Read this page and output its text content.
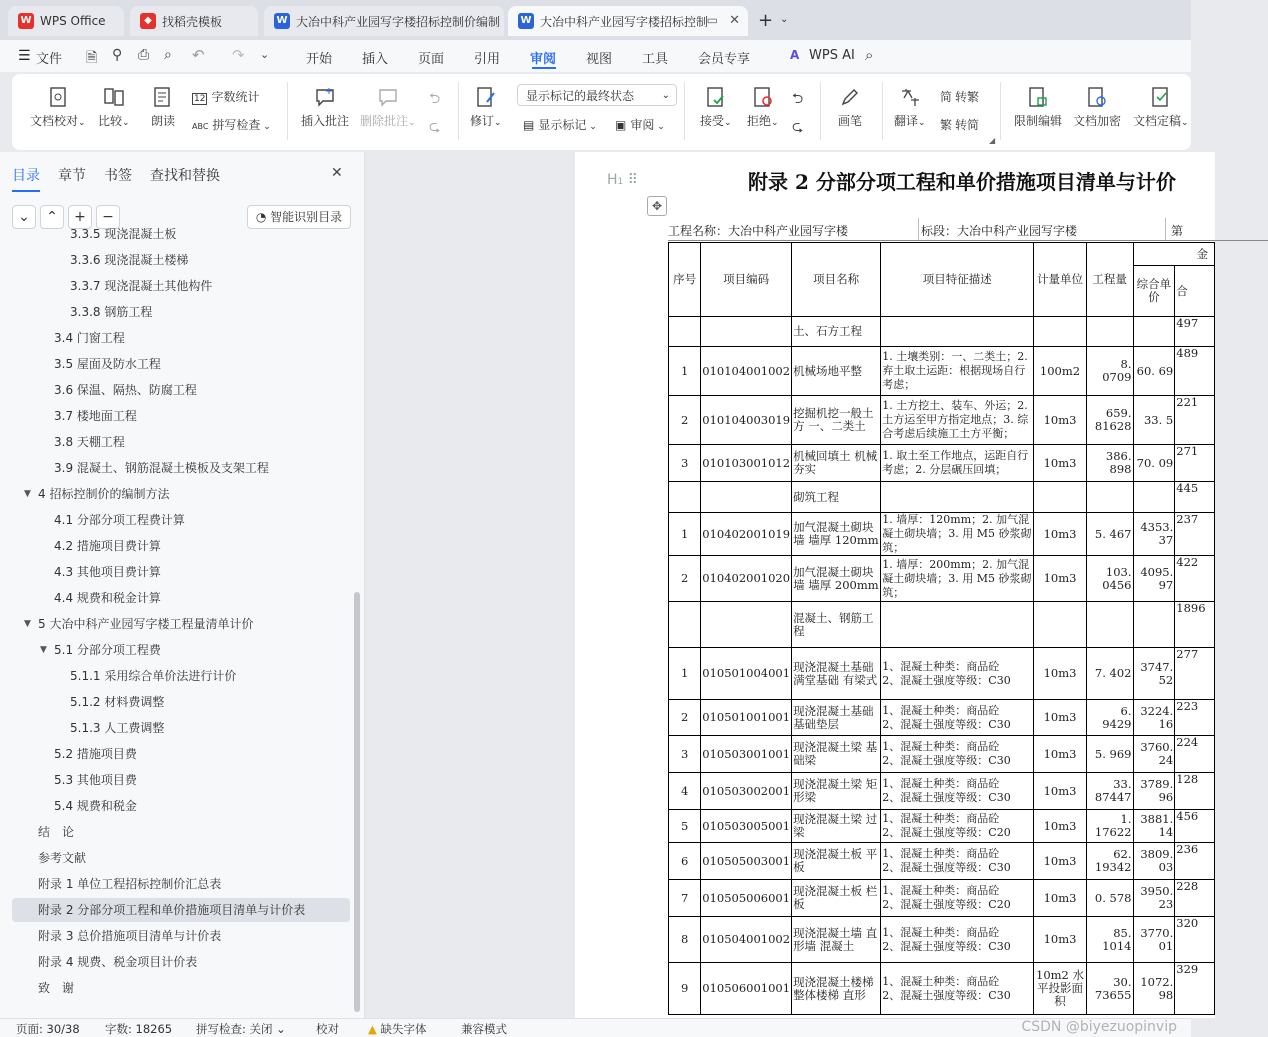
W WPS Office	◆ 找稻壳模板	W 大冶中科产业园写字楼招标控制价编制 W 大冶中科产业园写字楼招标控制
▭ ✕ + ⌄
☰ 文件 🗎 ⚲ ⎙ ⌕ ↶ ↷ ⌄	开始 插入 页面 引用 审阅 视图 工具 会员专享	A WPS AI ⌕
文档校对⌄ 比较⌄ 朗读
12 字数统计
ABC 拼写检查 ⌄	插入批注 删除批注⌄
⮌
⮎ 修订⌄
显示标记的最终状态	⌄
▤ 显示标记 ⌄ ▣ 审阅 ⌄	接受⌄ 拒绝⌄
⮌
⮎	画笔	翻译⌄
简 转繁
繁 转简
◢
限制编辑 文档加密 文档定稿⌄
目录 章节 书签 查找和替换	✕
⌄	⌃	+	−	◔ 智能识别目录
3.3.5 现浇混凝土板
3.3.6 现浇混凝土楼梯
3.3.7 现浇混凝土其他构件
3.3.8 钢筋工程
3.4 门窗工程
3.5 屋面及防水工程
3.6 保温、隔热、防腐工程
3.7 楼地面工程
3.8 天棚工程
3.9 混凝土、钢筋混凝土模板及支架工程
▼ 4 招标控制价的编制方法
4.1 分部分项工程费计算
4.2 措施项目费计算
4.3 其他项目费计算
4.4 规费和税金计算
▼ 5 大冶中科产业园写字楼工程量清单计价
▼ 5.1 分部分项工程费
5.1.1 采用综合单价法进行计价
5.1.2 材料费调整
5.1.3 人工费调整
5.2 措施项目费
5.3 其他项目费
5.4 规费和税金
结　论
参考文献
附录 1 单位工程招标控制价汇总表
附录 2 分部分项工程和单价措施项目清单与计价表
附录 3 总价措施项目清单与计价表
附录 4 规费、税金项目计价表
致　谢
H1 ⠿
✥
附录 2 分部分项工程和单价措施项目清单与计价
工程名称：大冶中科产业园写字楼	标段：大冶中科产业园写字楼	第
序号	项目编码	项目名称	项目特征描述	计量单位	工程量	金	
						综合单价	合
		土、石方工程					497
1	010104001002	机械场地平整	1. 土壤类别：一、二类土；2. 弃土取土运距：根据现场自行考虑；	100m2	8. 0709	60. 69	489
2	010104003019	挖掘机挖一般土方 一、二类土	1. 土方挖土、装车、外运；2. 土方运至甲方指定地点；3. 综合考虑后续施工土方平衡；	10m3	659. 81628	33. 5	221
3	010103001012	机械回填土 机械夯实	1. 取土至工作地点，运距自行考虑；2. 分层碾压回填；	10m3	386. 898	70. 09	271
		砌筑工程					445
1	010402001019	加气混凝土砌块墙 墙厚 120mm	1. 墙厚：120mm；2. 加气混凝土砌块墙；3. 用 M5 砂浆砌筑；	10m3	5. 467	4353. 37	237
2	010402001020	加气混凝土砌块墙 墙厚 200mm	1. 墙厚：200mm；2. 加气混凝土砌块墙；3. 用 M5 砂浆砌筑；	10m3	103. 0456	4095. 97	422
		混凝土、钢筋工程					1896
1	010501004001	现浇混凝土基础 满堂基础 有梁式	1、混凝土种类：商品砼
2、混凝土强度等级：C30	10m3	7. 402	3747. 52	277
2	010501001001	现浇混凝土基础 基础垫层	1、混凝土种类：商品砼
2、混凝土强度等级：C30	10m3	6. 9429	3224. 16	223
3	010503001001	现浇混凝土梁 基础梁	1、混凝土种类：商品砼
2、混凝土强度等级：C30	10m3	5. 969	3760. 24	224
4	010503002001	现浇混凝土梁 矩形梁	1、混凝土种类：商品砼
2、混凝土强度等级：C30	10m3	33. 87447	3789. 96	128
5	010503005001	现浇混凝土梁 过梁	1、混凝土种类：商品砼
2、混凝土强度等级：C20	10m3	1. 17622	3881. 14	456
6	010505003001	现浇混凝土板 平板	1、混凝土种类：商品砼
2、混凝土强度等级：C30	10m3	62. 19342	3809. 03	236
7	010505006001	现浇混凝土板 栏板	1、混凝土种类：商品砼
2、混凝土强度等级：C20	10m3	0. 578	3950. 23	228
8	010504001002	现浇混凝土墙 直形墙 混凝土	1、混凝土种类：商品砼
2、混凝土强度等级：C30	10m3	85. 1014	3770. 01	320
9	010506001001	现浇混凝土楼梯 整体楼梯 直形	1、混凝土种类：商品砼
2、混凝土强度等级：C30	10m2 水平投影面积	30. 73655	1072. 98	329
页面: 30/38 字数: 18265 拼写检查: 关闭 ⌄	校对	▲ 缺失字体	兼容模式	CSDN @biyezuopinvip
